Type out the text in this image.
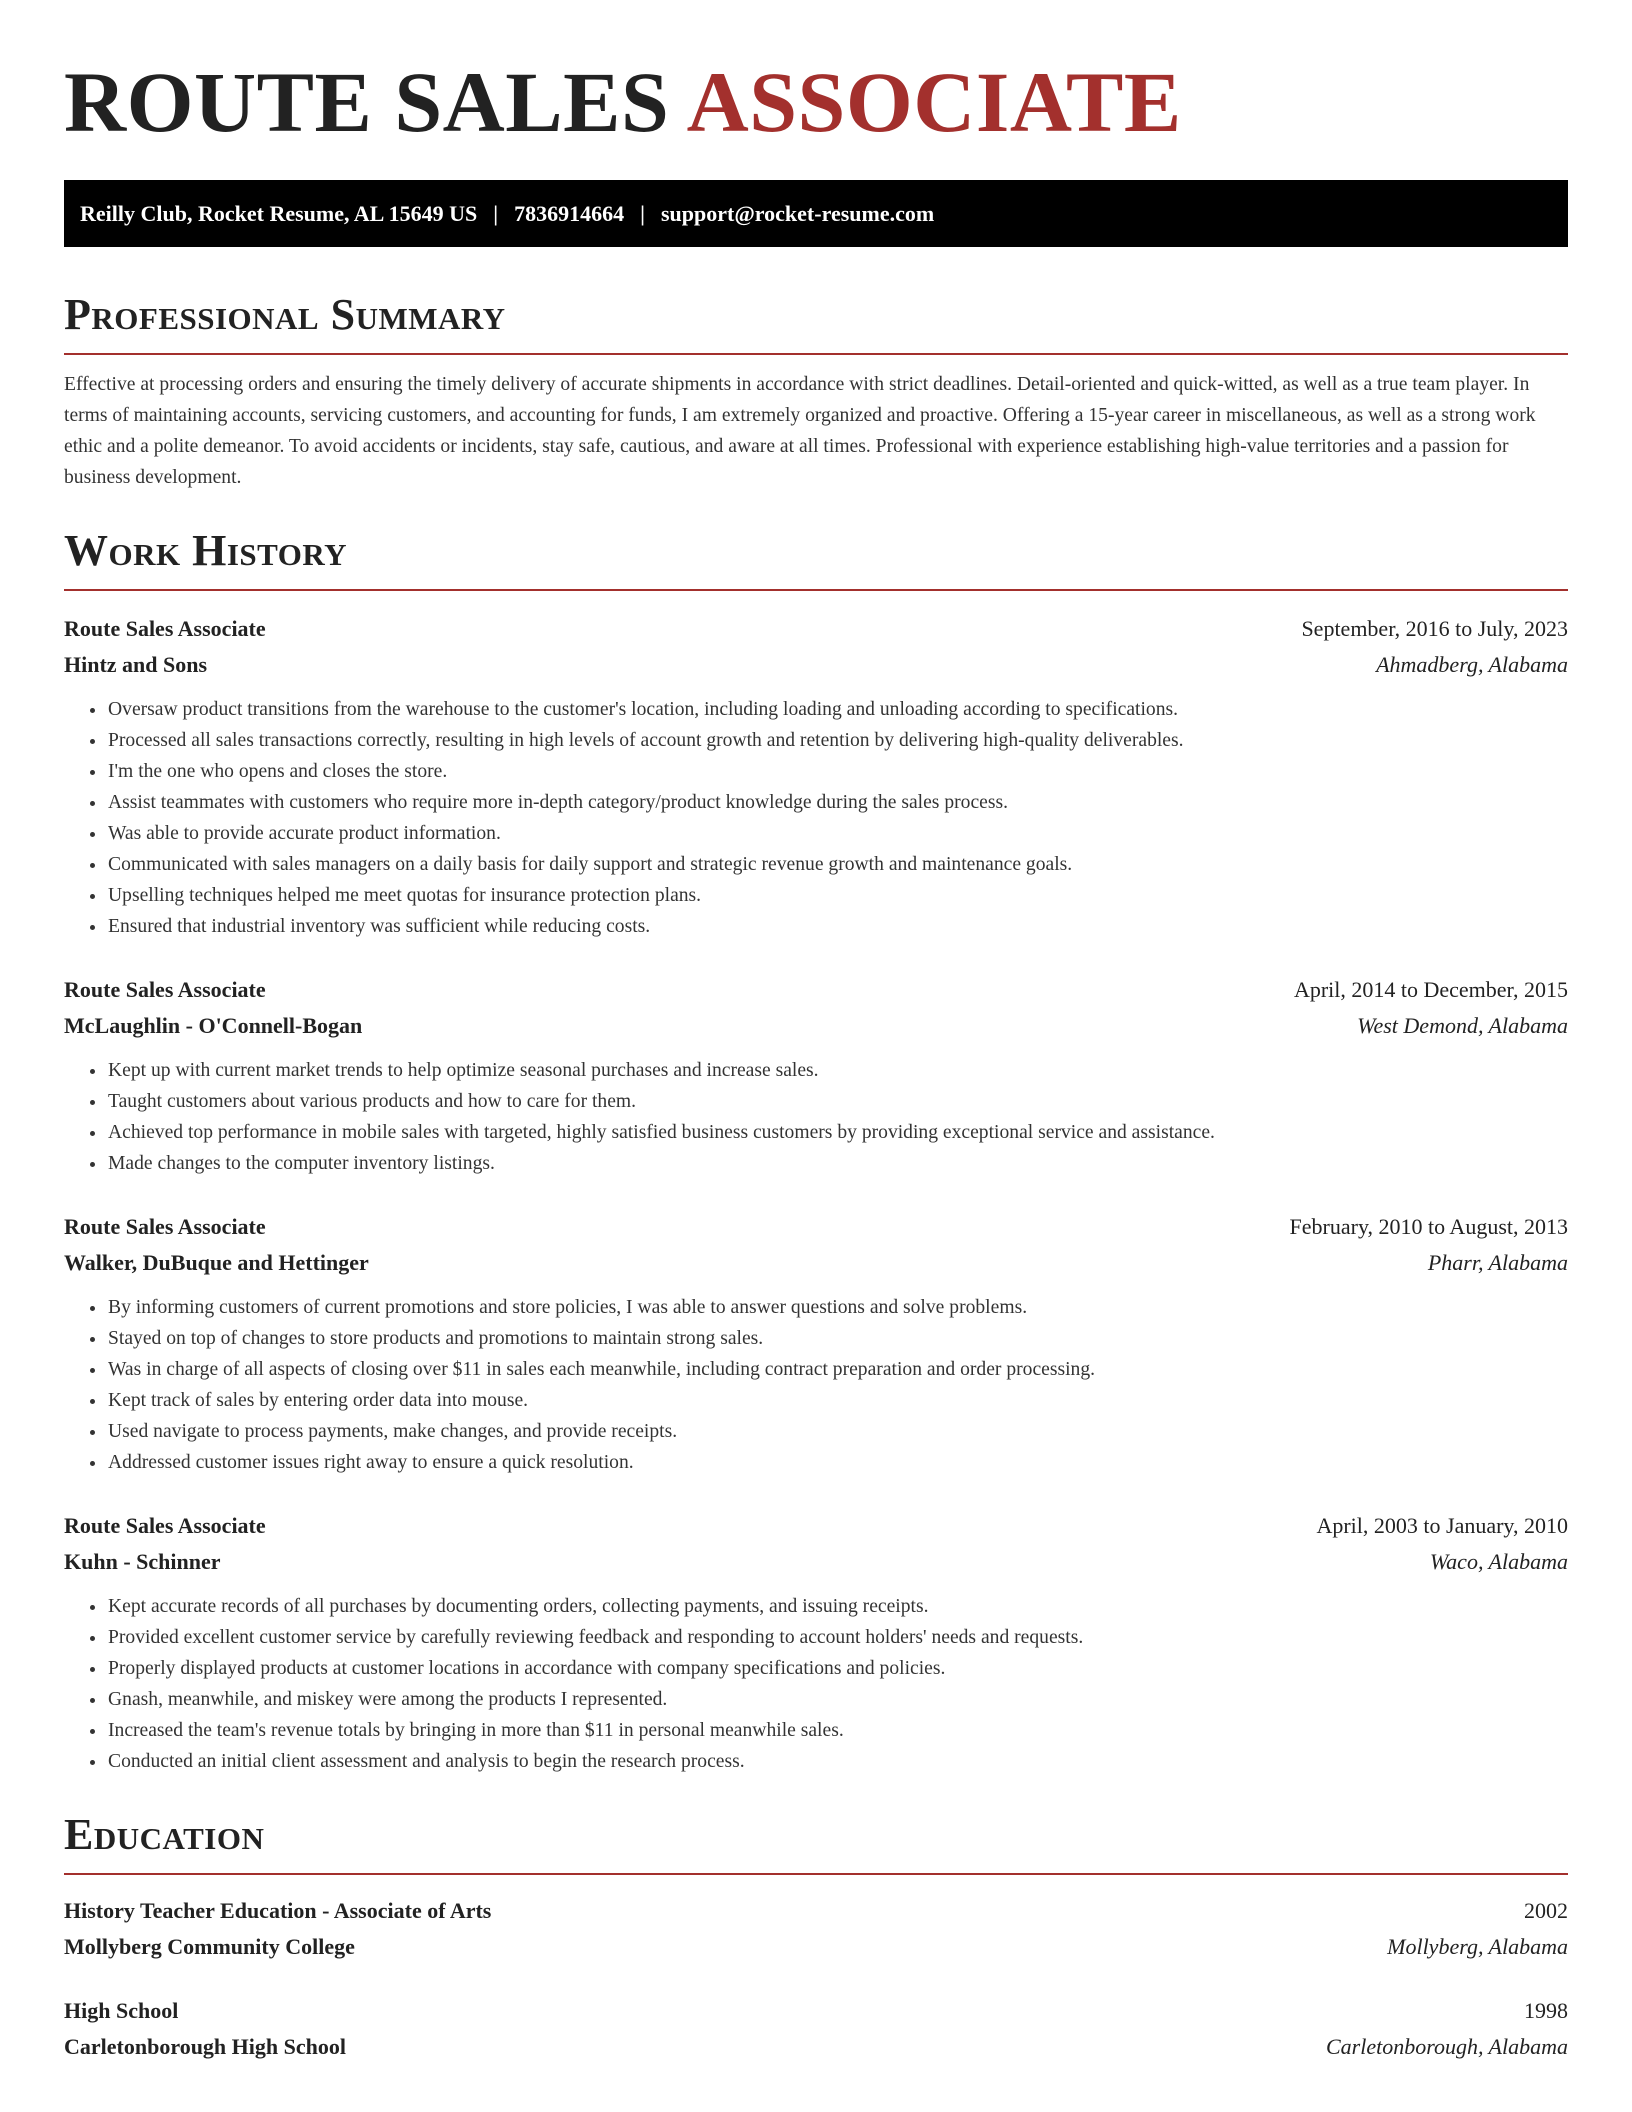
ROUTE SALES ASSOCIATE
Reilly Club, Rocket Resume, AL 15649 US | 7836914664 | support@rocket-resume.com
Professional Summary

Effective at processing orders and ensuring the timely delivery of accurate shipments in accordance with strict deadlines. Detail-oriented and quick-witted, as well as a true team player. In terms of maintaining accounts, servicing customers, and accounting for funds, I am extremely organized and proactive. Offering a 15-year career in miscellaneous, as well as a strong work ethic and a polite demeanor. To avoid accidents or incidents, stay safe, cautious, and aware at all times. Professional with experience establishing high-value territories and a passion for business development.

Work History
Route Sales Associate	September, 2016 to July, 2023
Hintz and Sons	Ahmadberg, Alabama
• Oversaw product transitions from the warehouse to the customer's location, including loading and unloading according to specifications.
• Processed all sales transactions correctly, resulting in high levels of account growth and retention by delivering high-quality deliverables.
• I'm the one who opens and closes the store.
• Assist teammates with customers who require more in-depth category/product knowledge during the sales process.
• Was able to provide accurate product information.
• Communicated with sales managers on a daily basis for daily support and strategic revenue growth and maintenance goals.
• Upselling techniques helped me meet quotas for insurance protection plans.
• Ensured that industrial inventory was sufficient while reducing costs.
Route Sales Associate	April, 2014 to December, 2015
McLaughlin - O'Connell-Bogan	West Demond, Alabama
• Kept up with current market trends to help optimize seasonal purchases and increase sales.
• Taught customers about various products and how to care for them.
• Achieved top performance in mobile sales with targeted, highly satisfied business customers by providing exceptional service and assistance.
• Made changes to the computer inventory listings.
Route Sales Associate	February, 2010 to August, 2013
Walker, DuBuque and Hettinger	Pharr, Alabama
• By informing customers of current promotions and store policies, I was able to answer questions and solve problems.
• Stayed on top of changes to store products and promotions to maintain strong sales.
• Was in charge of all aspects of closing over $11 in sales each meanwhile, including contract preparation and order processing.
• Kept track of sales by entering order data into mouse.
• Used navigate to process payments, make changes, and provide receipts.
• Addressed customer issues right away to ensure a quick resolution.
Route Sales Associate	April, 2003 to January, 2010
Kuhn - Schinner	Waco, Alabama
• Kept accurate records of all purchases by documenting orders, collecting payments, and issuing receipts.
• Provided excellent customer service by carefully reviewing feedback and responding to account holders' needs and requests.
• Properly displayed products at customer locations in accordance with company specifications and policies.
• Gnash, meanwhile, and miskey were among the products I represented.
• Increased the team's revenue totals by bringing in more than $11 in personal meanwhile sales.
• Conducted an initial client assessment and analysis to begin the research process.
Education
History Teacher Education - Associate of Arts	2002
Mollyberg Community College	Mollyberg, Alabama
High School	1998
Carletonborough High School	Carletonborough, Alabama
